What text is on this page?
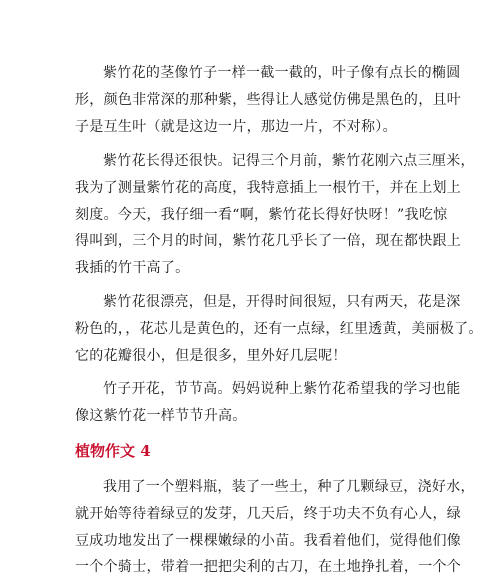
紫竹花的茎像竹子一样一截一截的，叶子像有点长的椭圆
形，颜色非常深的那种紫，些得让人感觉仿佛是黑色的，且叶
子是互生叶（就是这边一片，那边一片，不对称）。

紫竹花长得还很快。记得三个月前，紫竹花刚六点三厘米，
我为了测量紫竹花的高度，我特意插上一根竹干，并在上划上
刻度。今天，我仔细一看“啊，紫竹花长得好快呀！”我吃惊
得叫到，三个月的时间，紫竹花几乎长了一倍，现在都快跟上
我插的竹干高了。

紫竹花很漂亮，但是，开得时间很短，只有两天，花是深
粉色的，，花芯儿是黄色的，还有一点绿，红里透黄，美丽极了。
它的花瓣很小，但是很多，里外好几层呢！

竹子开花，节节高。妈妈说种上紫竹花希望我的学习也能
像这紫竹花一样节节升高。

植物作文 4

我用了一个塑料瓶，装了一些土，种了几颗绿豆，浇好水，
就开始等待着绿豆的发芽，几天后，终于功夫不负有心人，绿
豆成功地发出了一棵棵嫩绿的小苗。我看着他们，觉得他们像
一个个骑士，带着一把把尖利的古刀，在土地挣扎着，一个个
